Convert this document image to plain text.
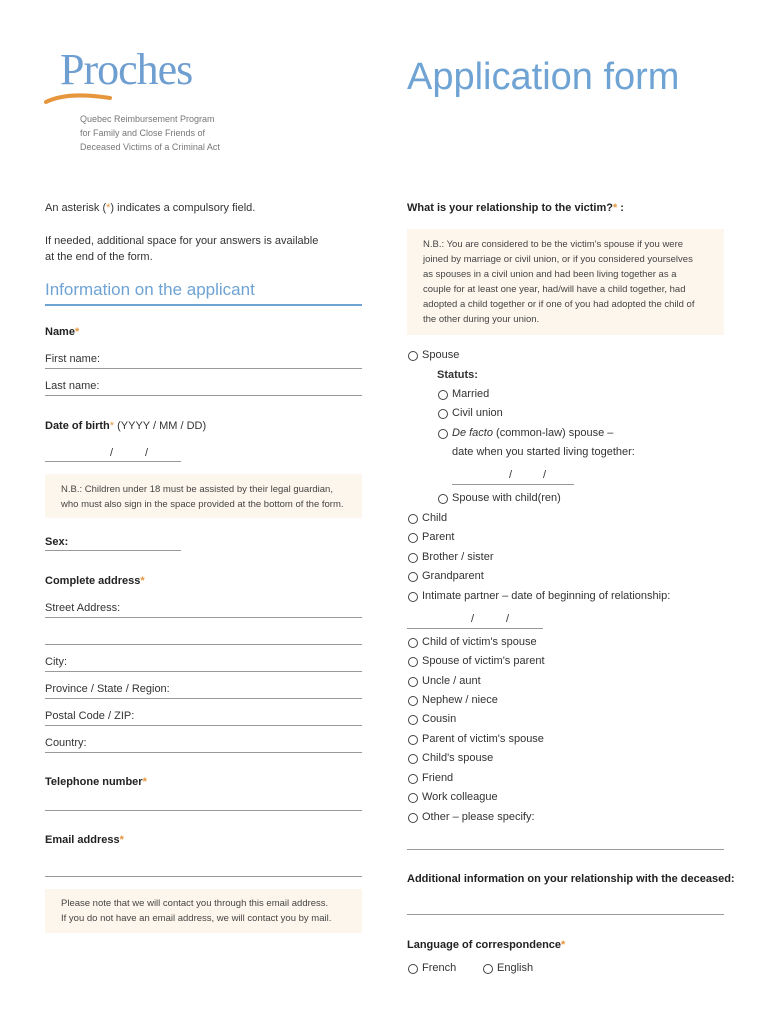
Proches
Quebec Reimbursement Program
for Family and Close Friends of
Deceased Victims of a Criminal Act
Application form
An asterisk (*) indicates a compulsory field.
If needed, additional space for your answers is available
at the end of the form.
Information on the applicant
Name*
First name:
Last name:
Date of birth* (YYYY / MM / DD)
/	/
N.B.: Children under 18 must be assisted by their legal guardian,
who must also sign in the space provided at the bottom of the form.
Sex:
Complete address*
Street Address:
City:
Province / State / Region:
Postal Code / ZIP:
Country:
Telephone number*
Email address*
Please note that we will contact you through this email address.
If you do not have an email address, we will contact you by mail.
What is your relationship to the victim?* :
N.B.: You are considered to be the victim's spouse if you were
joined by marriage or civil union, or if you considered yourselves
as spouses in a civil union and had been living together as a
couple for at least one year, had/will have a child together, had
adopted a child together or if one of you had adopted the child of
the other during your union.
Spouse
Statuts:
Married
Civil union
De facto (common-law) spouse –
date when you started living together:
/	/
Spouse with child(ren)
Child
Parent
Brother / sister
Grandparent
Intimate partner – date of beginning of relationship:
/	/
Child of victim's spouse
Spouse of victim's parent
Uncle / aunt
Nephew / niece
Cousin
Parent of victim's spouse
Child's spouse
Friend
Work colleague
Other – please specify:
Additional information on your relationship with the deceased:
Language of correspondence*
French	English
